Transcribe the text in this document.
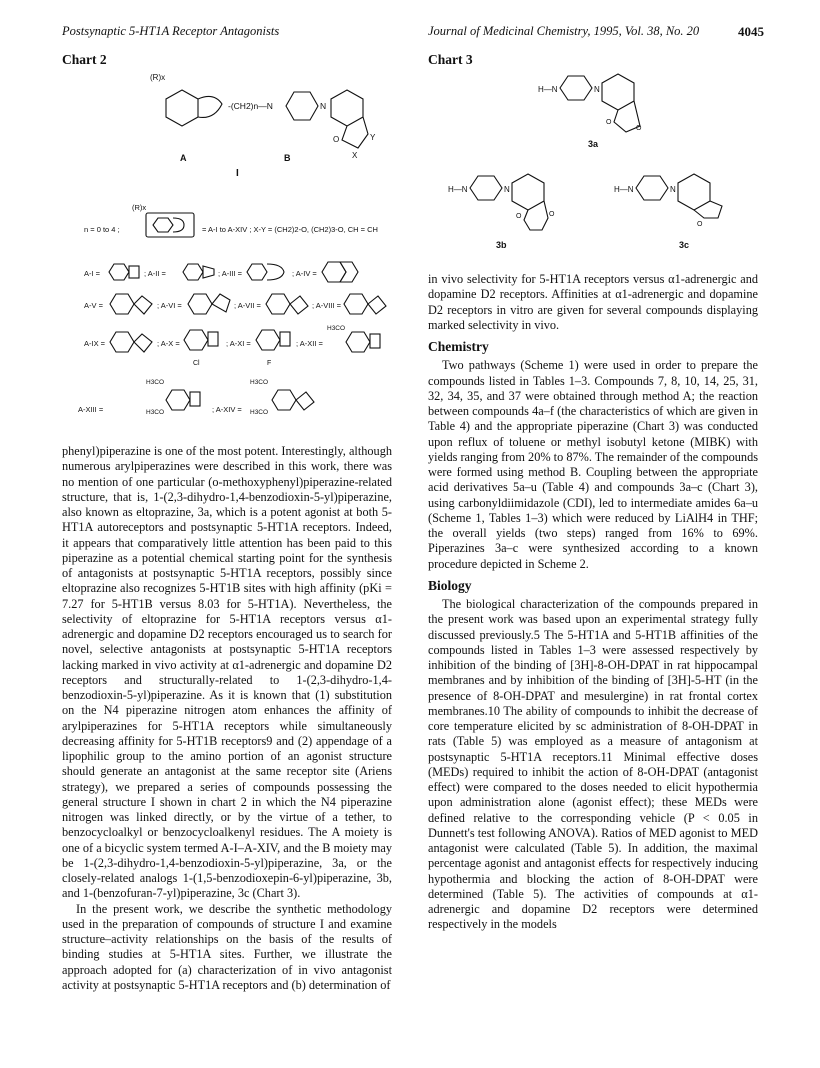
Postsynaptic 5-HT1A Receptor Antagonists	Journal of Medicinal Chemistry, 1995, Vol. 38, No. 20	4045
Chart 2
(R)x
-(CH2)n—N	N
O
X
Y
A	B
I
(R)x
n = 0 to 4 ;	= A-I to A-XIV ; X-Y = (CH2)2-O, (CH2)3-O, CH = CH
A-I =	; A-II =	; A-III =	; A-IV =
A-V =	; A-VI =	; A-VII =	; A-VIII =
A-IX =	; A-X =
Cl
; A-XI =
F
; A-XII =
H3CO
H3CO
H3CO
A-XIII =	; A-XIV =
H3CO
H3CO
Chart 3
H—N	N
O
O
3a
H—N	N
O	O
3b
H—N	N
O
3c

phenyl)piperazine is one of the most potent. Interestingly, although numerous arylpiperazines were described in this work, there was no mention of one particular (o-methoxyphenyl)piperazine-related structure, that is, 1-(2,3-dihydro-1,4-benzodioxin-5-yl)piperazine, also known as eltoprazine, 3a, which is a potent agonist at both 5-HT1A autoreceptors and postsynaptic 5-HT1A receptors. Indeed, it appears that comparatively little attention has been paid to this piperazine as a potential chemical starting point for the synthesis of antagonists at postsynaptic 5-HT1A receptors, possibly since eltoprazine also recognizes 5-HT1B sites with high affinity (pKi = 7.27 for 5-HT1B versus 8.03 for 5-HT1A). Nevertheless, the selectivity of eltoprazine for 5-HT1A receptors versus α1-adrenergic and dopamine D2 receptors encouraged us to search for novel, selective antagonists at postsynaptic 5-HT1A receptors lacking marked in vivo activity at α1-adrenergic and dopamine D2 receptors and structurally-related to 1-(2,3-dihydro-1,4-benzodioxin-5-yl)piperazine. As it is known that (1) substitution on the N4 piperazine nitrogen atom enhances the affinity of arylpiperazines for 5-HT1A receptors while simultaneously decreasing affinity for 5-HT1B receptors9 and (2) appendage of a lipophilic group to the amino portion of an agonist structure should generate an antagonist at the same receptor site (Ariens strategy), we prepared a series of compounds possessing the general structure I shown in chart 2 in which the N4 piperazine nitrogen was linked directly, or by the virtue of a tether, to benzocycloalkyl or benzocycloalkenyl residues. The A moiety is one of a bicyclic system termed A-I–A-XIV, and the B moiety may be 1-(2,3-dihydro-1,4-benzodioxin-5-yl)piperazine, 3a, or the closely-related analogs 1-(1,5-benzodioxepin-6-yl)piperazine, 3b, and 1-(benzofuran-7-yl)piperazine, 3c (Chart 3).

In the present work, we describe the synthetic methodology used in the preparation of compounds of structure I and examine structure–activity relationships on the basis of the results of binding studies at 5-HT1A sites. Further, we illustrate the approach adopted for (a) characterization of in vivo antagonist activity at postsynaptic 5-HT1A receptors and (b) determination of

in vivo selectivity for 5-HT1A receptors versus α1-adrenergic and dopamine D2 receptors. Affinities at α1-adrenergic and dopamine D2 receptors in vitro are given for several compounds displaying marked selectivity in vivo.

Chemistry

Two pathways (Scheme 1) were used in order to prepare the compounds listed in Tables 1–3. Compounds 7, 8, 10, 14, 25, 31, 32, 34, 35, and 37 were obtained through method A; the reaction between compounds 4a–f (the characteristics of which are given in Table 4) and the appropriate piperazine (Chart 3) was conducted upon reflux of toluene or methyl isobutyl ketone (MIBK) with yields ranging from 20% to 87%. The remainder of the compounds were formed using method B. Coupling between the appropriate acid derivatives 5a–u (Table 4) and compounds 3a–c (Chart 3), using carbonyldiimidazole (CDI), led to intermediate amides 6a–u (Scheme 1, Tables 1–3) which were reduced by LiAlH4 in THF; the overall yields (two steps) ranged from 16% to 69%. Piperazines 3a–c were synthesized according to a known procedure depicted in Scheme 2.

Biology

The biological characterization of the compounds prepared in the present work was based upon an experimental strategy fully discussed previously.5 The 5-HT1A and 5-HT1B affinities of the compounds listed in Tables 1–3 were assessed respectively by inhibition of the binding of [3H]-8-OH-DPAT in rat hippocampal membranes and by inhibition of the binding of [3H]-5-HT (in the presence of 8-OH-DPAT and mesulergine) in rat frontal cortex membranes.10 The ability of compounds to inhibit the decrease of core temperature elicited by sc administration of 8-OH-DPAT in rats (Table 5) was employed as a measure of antagonism at postsynaptic 5-HT1A receptors.11 Minimal effective doses (MEDs) required to inhibit the action of 8-OH-DPAT (antagonist effect) were compared to the doses needed to elicit hypothermia upon administration alone (agonist effect); these MEDs were defined relative to the corresponding vehicle (P < 0.05 in Dunnett's test following ANOVA). Ratios of MED agonist to MED antagonist were calculated (Table 5). In addition, the maximal percentage agonist and antagonist effects for respectively inducing hypothermia and blocking the action of 8-OH-DPAT were determined (Table 5). The activities of compounds at α1-adrenergic and dopamine D2 receptors were determined respectively in the models
